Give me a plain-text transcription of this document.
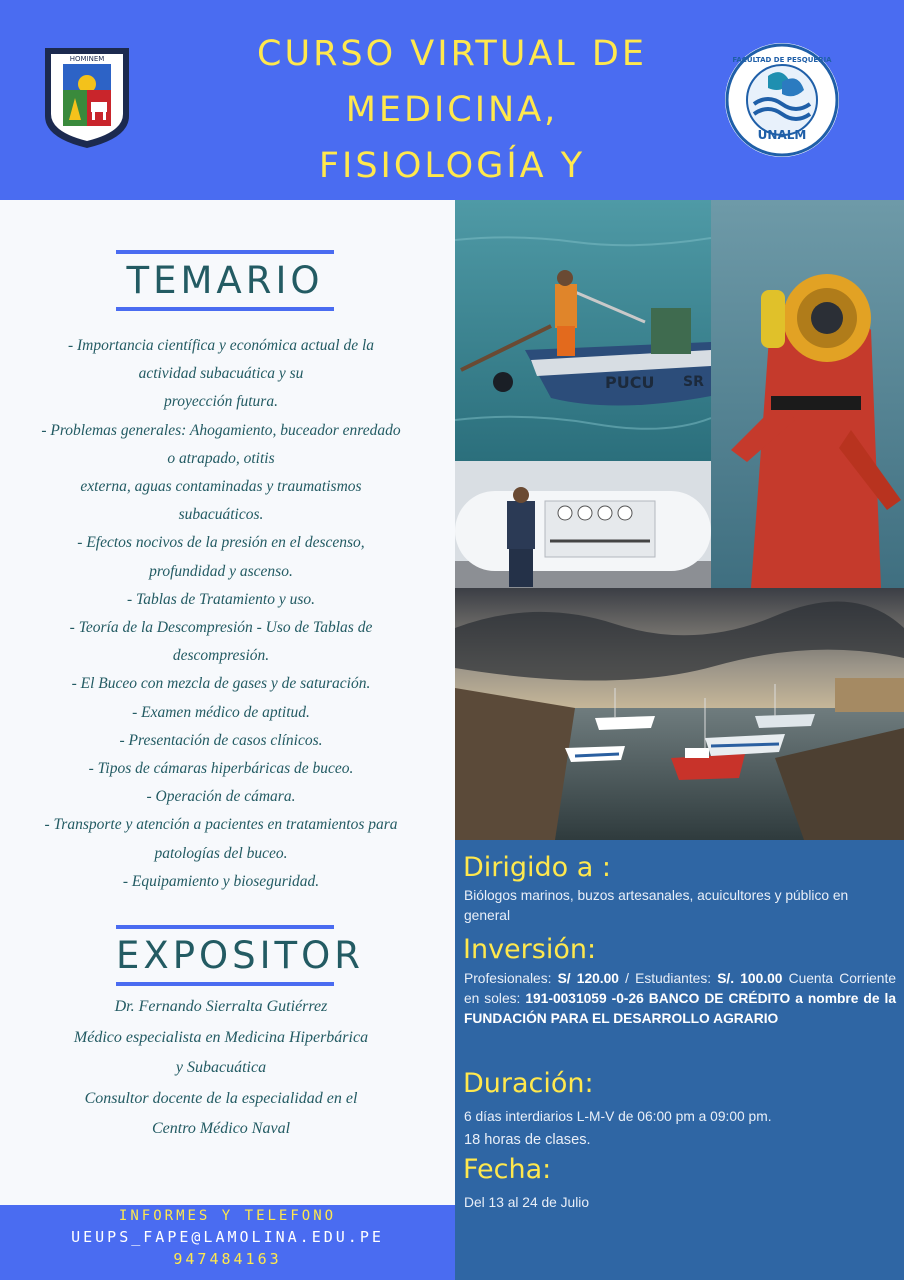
HOMINEM	CURSO VIRTUAL DE MEDICINA,
FISIOLOGÍA Y
UNALM
FACULTAD DE PESQUERIA
TEMARIO
- Importancia científica y económica actual de la
actividad subacuática y su
proyección futura.
- Problemas generales: Ahogamiento, buceador enredado
o atrapado, otitis
externa, aguas contaminadas y traumatismos
subacuáticos.
- Efectos nocivos de la presión en el descenso,
profundidad y ascenso.
- Tablas de Tratamiento y uso.
- Teoría de la Descompresión - Uso de Tablas de
descompresión.
- El Buceo con mezcla de gases y de saturación.
- Examen médico de aptitud.
- Presentación de casos clínicos.
- Tipos de cámaras hiperbáricas de buceo.
- Operación de cámara.
- Transporte y atención a pacientes en tratamientos para
patologías del buceo.
- Equipamiento y bioseguridad.
EXPOSITOR
Dr. Fernando Sierralta Gutiérrez
Médico especialista en Medicina Hiperbárica
y Subacuática
Consultor docente de la especialidad en el
Centro Médico Naval
INFORMES Y TELEFONO
UEUPS_FAPE@LAMOLINA.EDU.PE
947484163
PUCU SR
Dirigido a :
Biólogos marinos, buzos artesanales, acuicultores y público en general
Inversión:
Profesionales: S/ 120.00 / Estudiantes: S/. 100.00 Cuenta Corriente en soles: 191-0031059 -0-26 BANCO DE CRÉDITO a nombre de la FUNDACIÓN PARA EL DESARROLLO AGRARIO
Duración:
6 días interdiarios L-M-V de 06:00 pm a 09:00 pm.
18 horas de clases.
Fecha:
Del 13 al 24 de Julio
